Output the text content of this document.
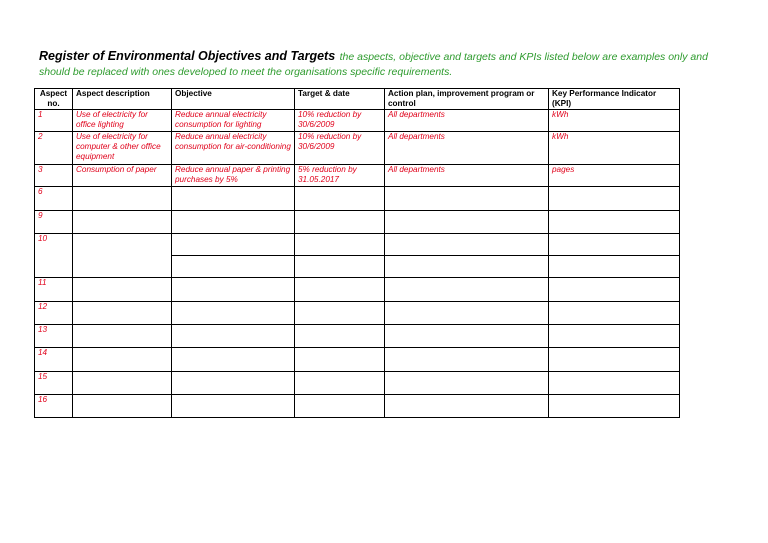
Register of Environmental Objectives and Targets the aspects, objective and targets and KPIs listed below are examples only and should be replaced with ones developed to meet the organisations specific requirements.
Aspect no.	Aspect description	Objective	Target & date	Action plan, improvement program or control	Key Performance Indicator (KPI)
1	Use of electricity for office lighting	Reduce annual electricity consumption for lighting	10% reduction by 30/6/2009	All departments	kWh
2	Use of electricity for computer & other office equipment	Reduce annual electricity consumption for air-conditioning	10% reduction by 30/6/2009	All departments	kWh
3	Consumption of paper	Reduce annual paper & printing purchases by 5%	5% reduction by 31.05.2017	All departments	pages
6					
9					
10					

11					
12					
13					
14					
15					
16					
